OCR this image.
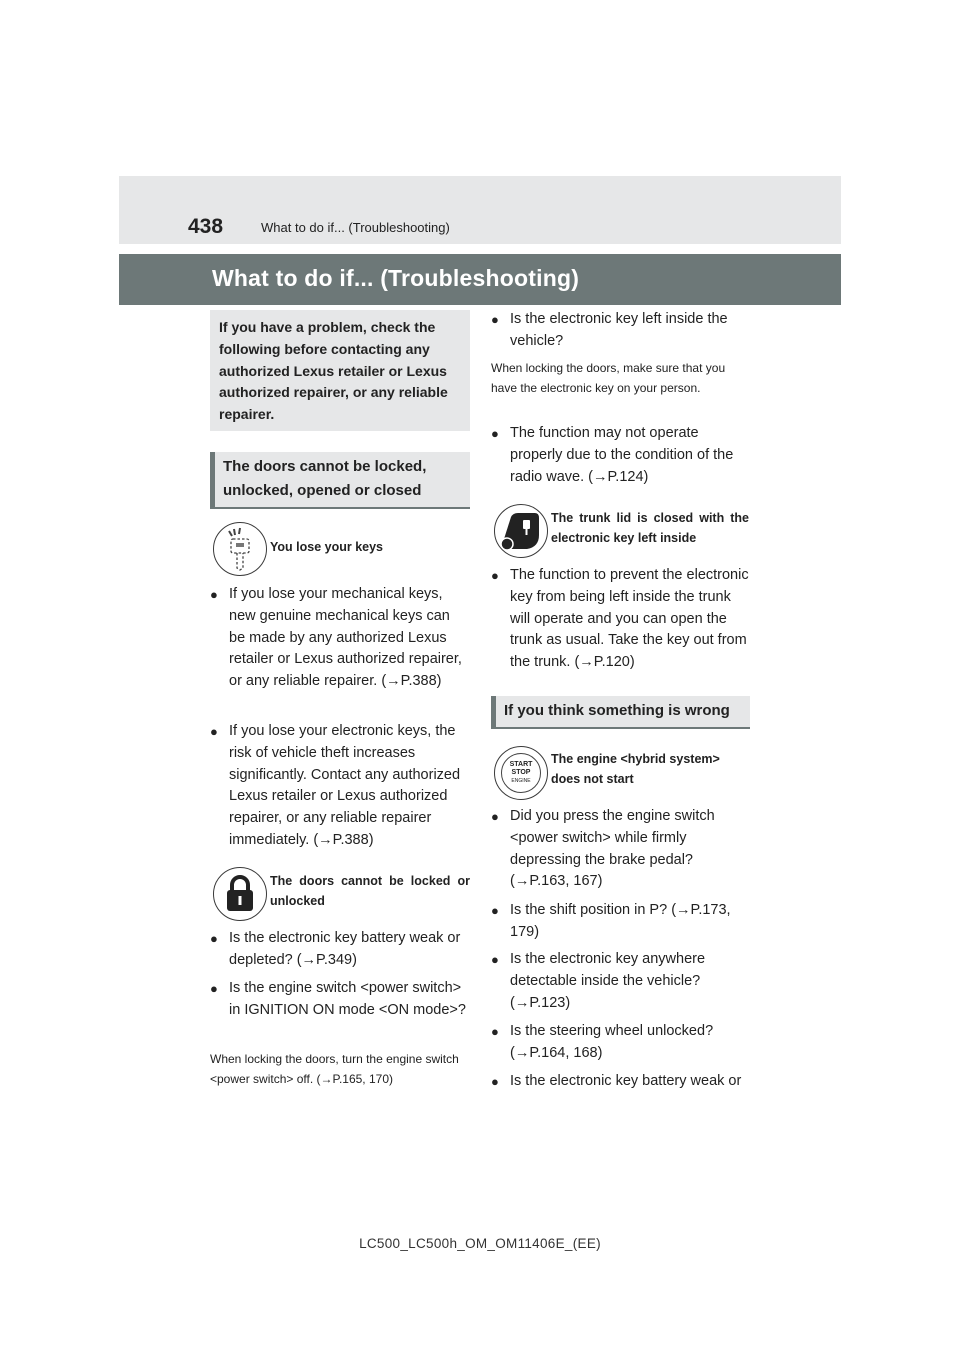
438	What to do if... (Troubleshooting)
What to do if... (Troubleshooting)
If you have a problem, check the following before contacting any authorized Lexus retailer or Lexus authorized repairer, or any reliable repairer.
The doors cannot be locked, unlocked, opened or closed
You lose your keys
● If you lose your mechanical keys, new genuine mechanical keys can be made by any authorized Lexus retailer or Lexus authorized repairer, or any reliable repairer. (→P.388)
● If you lose your electronic keys, the risk of vehicle theft increases significantly. Contact any authorized Lexus retailer or Lexus authorized repairer, or any reliable repairer immediately. (→P.388)
The doors cannot be locked or unlocked
● Is the electronic key battery weak or depleted? (→P.349)
● Is the engine switch <power switch> in IGNITION ON mode <ON mode>?
When locking the doors, turn the engine switch <power switch> off. (→P.165, 170)
● Is the electronic key left inside the vehicle?
When locking the doors, make sure that you have the electronic key on your person.
● The function may not operate properly due to the condition of the radio wave. (→P.124)
The trunk lid is closed with the electronic key left inside
● The function to prevent the electronic key from being left inside the trunk will operate and you can open the trunk as usual. Take the key out from the trunk. (→P.120)
If you think something is wrong
START
STOP
ENGINE
The engine <hybrid system> does not start
● Did you press the engine switch <power switch> while firmly depressing the brake pedal? (→P.163, 167)
● Is the shift position in P? (→P.173, 179)
● Is the electronic key anywhere detectable inside the vehicle? (→P.123)
● Is the steering wheel unlocked? (→P.164, 168)
● Is the electronic key battery weak or
LC500_LC500h_OM_OM11406E_(EE)
